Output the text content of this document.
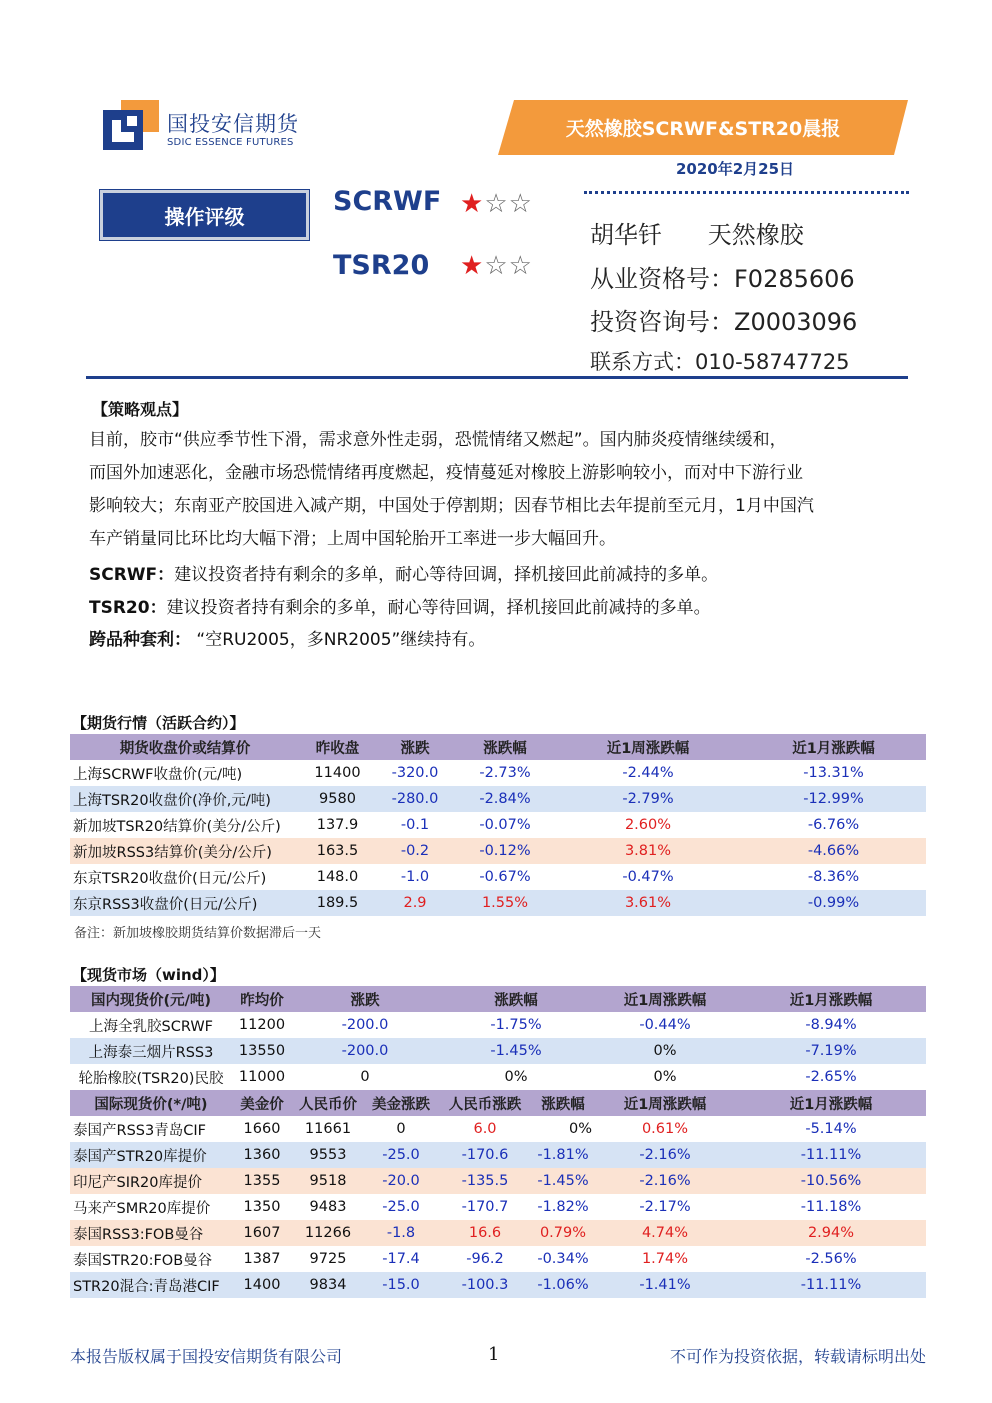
国投安信期货
SDIC ESSENCE FUTURES
天然橡胶SCRWF&STR20晨报
2020年2月25日
操作评级	SCRWF ★☆☆
TSR20 ★☆☆
胡华钎      天然橡胶
从业资格号：F0285606
投资咨询号：Z0003096
联系方式：010-58747725
【策略观点】

目前，胶市“供应季节性下滑，需求意外性走弱，恐慌情绪又燃起”。国内肺炎疫情继续缓和，

而国外加速恶化，金融市场恐慌情绪再度燃起，疫情蔓延对橡胶上游影响较小，而对中下游行业

影响较大；东南亚产胶国进入减产期，中国处于停割期；因春节相比去年提前至元月，1月中国汽

车产销量同比环比均大幅下滑；上周中国轮胎开工率进一步大幅回升。

SCRWF：建议投资者持有剩余的多单，耐心等待回调，择机接回此前减持的多单。
TSR20：建议投资者持有剩余的多单，耐心等待回调，择机接回此前减持的多单。
跨品种套利： “空RU2005，多NR2005”继续持有。
【期货行情（活跃合约）】
期货收盘价或结算价	昨收盘	涨跌	涨跌幅	近1周涨跌幅	近1月涨跌幅
上海SCRWF收盘价(元/吨)	11400	-320.0	-2.73%	-2.44%	-13.31%
上海TSR20收盘价(净价,元/吨)	9580	-280.0	-2.84%	-2.79%	-12.99%
新加坡TSR20结算价(美分/公斤)	137.9	-0.1	-0.07%	2.60%	-6.76%
新加坡RSS3结算价(美分/公斤)	163.5	-0.2	-0.12%	3.81%	-4.66%
东京TSR20收盘价(日元/公斤)	148.0	-1.0	-0.67%	-0.47%	-8.36%
东京RSS3收盘价(日元/公斤)	189.5	2.9	1.55%	3.61%	-0.99%
备注：新加坡橡胶期货结算价数据滞后一天
【现货市场（wind）】
国内现货价(元/吨)	昨均价	涨跌		涨跌幅		近1周涨跌幅	近1月涨跌幅
上海全乳胶SCRWF	11200	-200.0		-1.75%		-0.44%	-8.94%
上海泰三烟片RSS3	13550	-200.0		-1.45%		0%	-7.19%
轮胎橡胶(TSR20)民胶	11000	0		0%		0%	-2.65%
国际现货价(*/吨)	美金价	人民币价	美金涨跌	人民币涨跌	涨跌幅	近1周涨跌幅	近1月涨跌幅
泰国产RSS3青岛CIF	1660	11661	0	6.0	0%	0.61%	-5.14%
泰国产STR20库提价	1360	9553	-25.0	-170.6	-1.81%	-2.16%	-11.11%
印尼产SIR20库提价	1355	9518	-20.0	-135.5	-1.45%	-2.16%	-10.56%
马来产SMR20库提价	1350	9483	-25.0	-170.7	-1.82%	-2.17%	-11.18%
泰国RSS3:FOB曼谷	1607	11266	-1.8	16.6	0.79%	4.74%	2.94%
泰国STR20:FOB曼谷	1387	9725	-17.4	-96.2	-0.34%	1.74%	-2.56%
STR20混合:青岛港CIF	1400	9834	-15.0	-100.3	-1.06%	-1.41%	-11.11%
本报告版权属于国投安信期货有限公司	1	不可作为投资依据，转载请标明出处
